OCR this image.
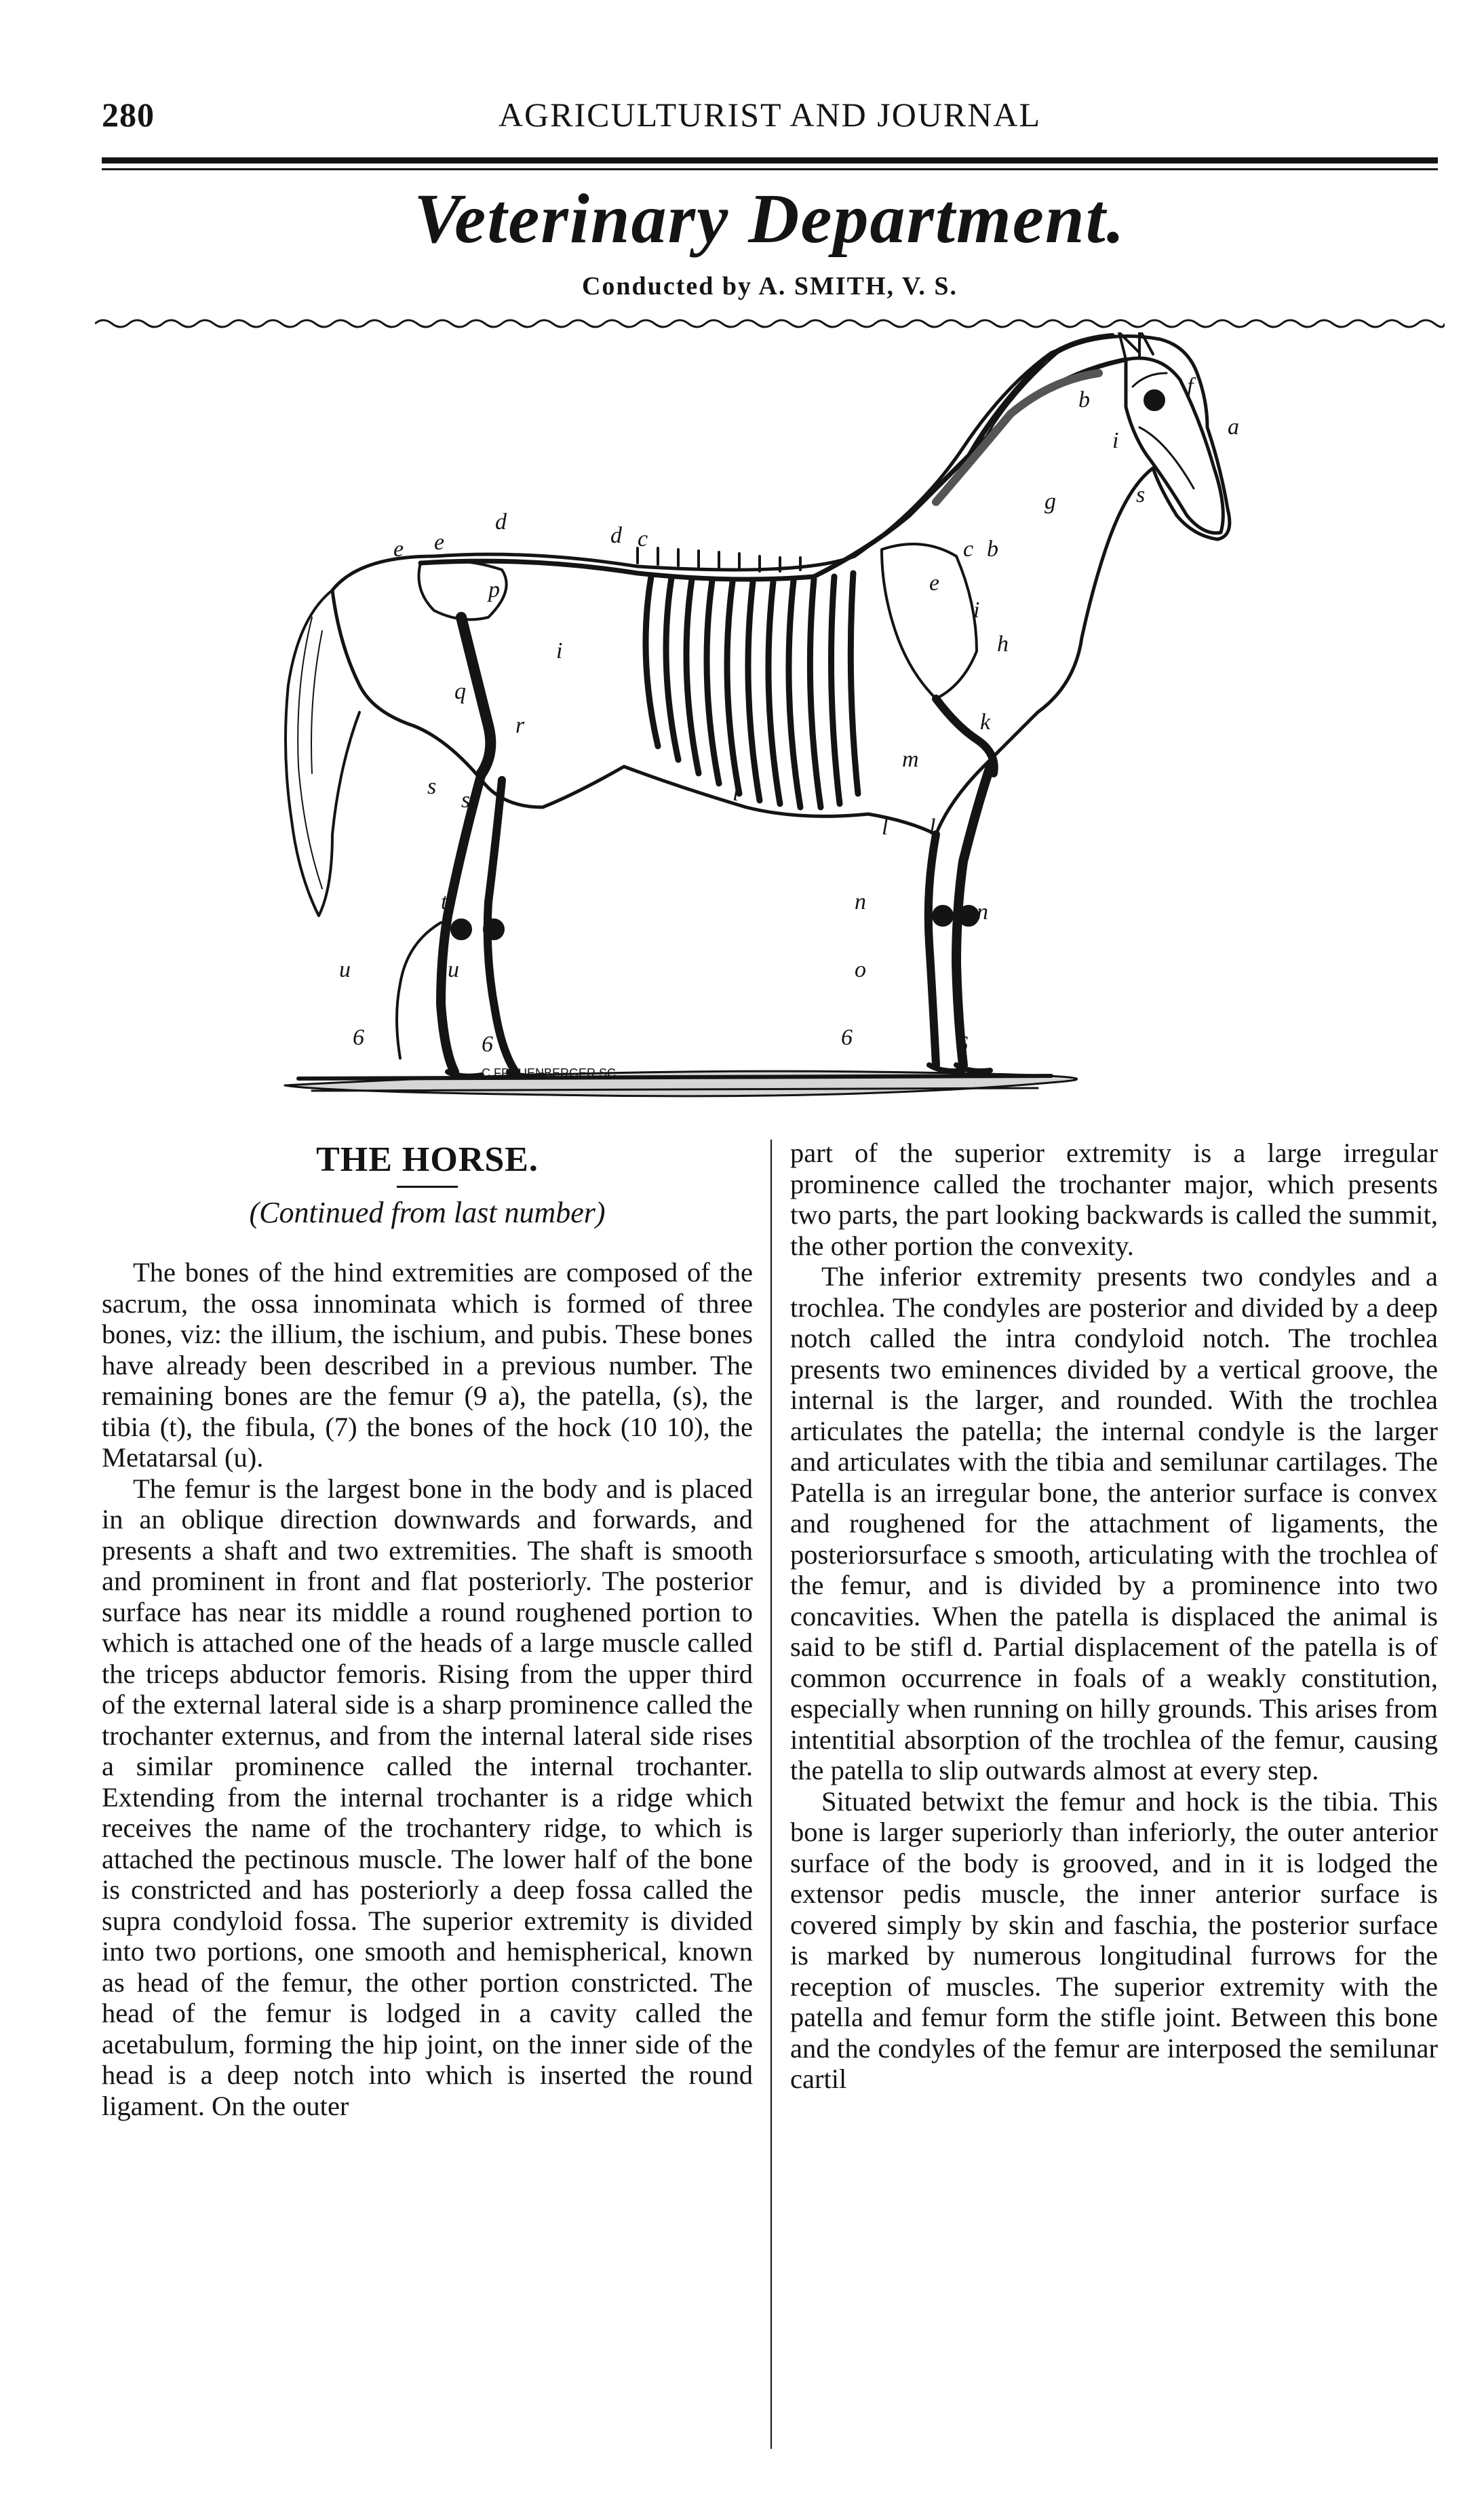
280	AGRICULTURIST AND JOURNAL
Veterinary Department.
Conducted by A. SMITH, V. S.
e e
d
d c
p
i
q
r
s
s
t
u	u
6	6
l
e
c b
i
h
k
m
l l
n	n
o
6	6
b
i
a
s
f
g
C.FRAUENBERGER SC.
THE HORSE.
(Continued from last number)

The bones of the hind extremities are composed of the sacrum, the ossa innominata which is formed of three bones, viz: the illium, the ischium, and pubis. These bones have already been described in a previous number. The remaining bones are the femur (9 a), the patella, (s), the tibia (t), the fibula, (7) the bones of the hock (10 10), the Metatarsal (u).

The femur is the largest bone in the body and is placed in an oblique direction downwards and forwards, and presents a shaft and two extremities. The shaft is smooth and prominent in front and flat posteriorly. The posterior surface has near its middle a round roughened portion to which is attached one of the heads of a large muscle called the triceps abductor femoris. Rising from the upper third of the external lateral side is a sharp prominence called the trochanter externus, and from the internal lateral side rises a similar prominence called the internal trochanter. Extending from the internal trochanter is a ridge which receives the name of the trochantery ridge, to which is attached the pectinous muscle. The lower half of the bone is constricted and has posteriorly a deep fossa called the supra condyloid fossa. The superior extremity is divided into two portions, one smooth and hemispherical, known as head of the femur, the other portion constricted. The head of the femur is lodged in a cavity called the acetabulum, forming the hip joint, on the inner side of the head is a deep notch into which is inserted the round ligament. On the outer

part of the superior extremity is a large irregular prominence called the trochanter major, which presents two parts, the part looking backwards is called the summit, the other portion the convexity.

The inferior extremity presents two condyles and a trochlea. The condyles are posterior and divided by a deep notch called the intra condyloid notch. The trochlea presents two eminences divided by a vertical groove, the internal is the larger, and rounded. With the trochlea articulates the patella; the internal condyle is the larger and articulates with the tibia and semilunar cartilages. The Patella is an irregular bone, the anterior surface is convex and roughened for the attachment of ligaments, the posteriorsurface s smooth, articulating with the trochlea of the femur, and is divided by a prominence into two concavities. When the patella is displaced the animal is said to be stifl d. Partial displacement of the patella is of common occurrence in foals of a weakly constitution, especially when running on hilly grounds. This arises from intentitial absorption of the trochlea of the femur, causing the patella to slip outwards almost at every step.

Situated betwixt the femur and hock is the tibia. This bone is larger superiorly than inferiorly, the outer anterior surface of the body is grooved, and in it is lodged the extensor pedis muscle, the inner anterior surface is covered simply by skin and faschia, the posterior surface is marked by numerous longitudinal furrows for the reception of muscles. The superior extremity with the patella and femur form the stifle joint. Between this bone and the condyles of the femur are interposed the semilunar cartil
